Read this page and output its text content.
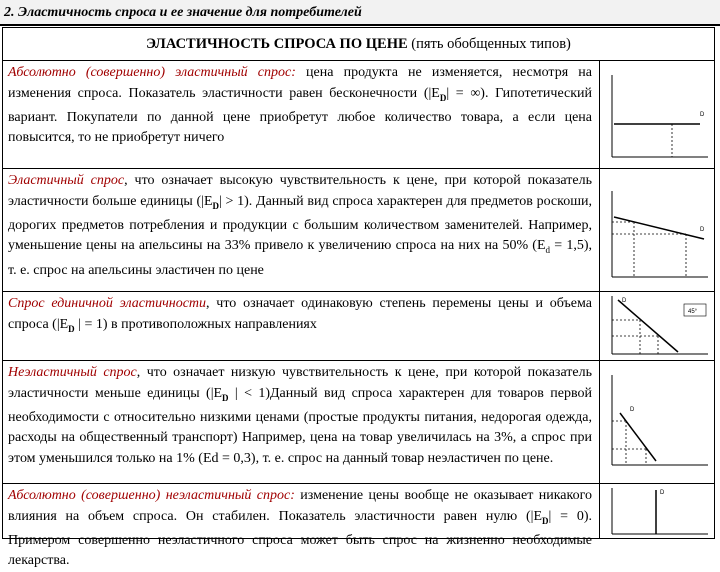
2. Эластичность спроса и ее значение для потребителей
ЭЛАСТИЧНОСТЬ СПРОСА ПО ЦЕНЕ (пять обобщенных типов)
Абсолютно (совершенно) эластичный спрос: цена продукта не изменяется, несмотря на изменения спроса. Показатель эластичности равен бесконечности ($|E_D|$ = ∞). Гипотетический вариант. Покупатели по данной цене приобретут любое количество товара, а если цена повысится, то не приобретут ничего
D
Эластичный спрос, что означает высокую чувствительность к цене, при которой показатель эластичности больше единицы $(|E_D| > 1)$. Данный вид спроса характерен для предметов роскоши, дорогих предметов потребления и продукции с большим количеством заменителей. Например, уменьшение цены на апельсины на 33% привело к увеличению спроса на них на 50% $(E_d = 1,5)$, т. е. спрос на апельсины эластичен по цене
D
Спрос единичной эластичности, что означает одинаковую степень перемены цены и объема спроса ($|E_D$ | = 1) в противоположных направлениях
45°
D
Неэластичный спрос, что означает низкую чувствительность к цене, при которой показатель эластичности меньше единицы ($|E_D$ | < 1)Данный вид спроса характерен для товаров первой необходимости с относительно низкими ценами (простые продукты питания, недорогая одежда, расходы на общественный транспорт) Например, цена на товар увеличилась на 3%, а спрос при этом уменьшился только на 1% (Ed = 0,3), т. е. спрос на данный товар неэластичен по цене.
D
Абсолютно (совершенно) неэластичный спрос: изменение цены вообще не оказывает никакого влияния на объем спроса. Он стабилен. Показатель эластичности равен нулю $(|E_D| = 0)$. Примером совершенно неэластичного спроса может быть спрос на жизненно необходимые лекарства.
D
